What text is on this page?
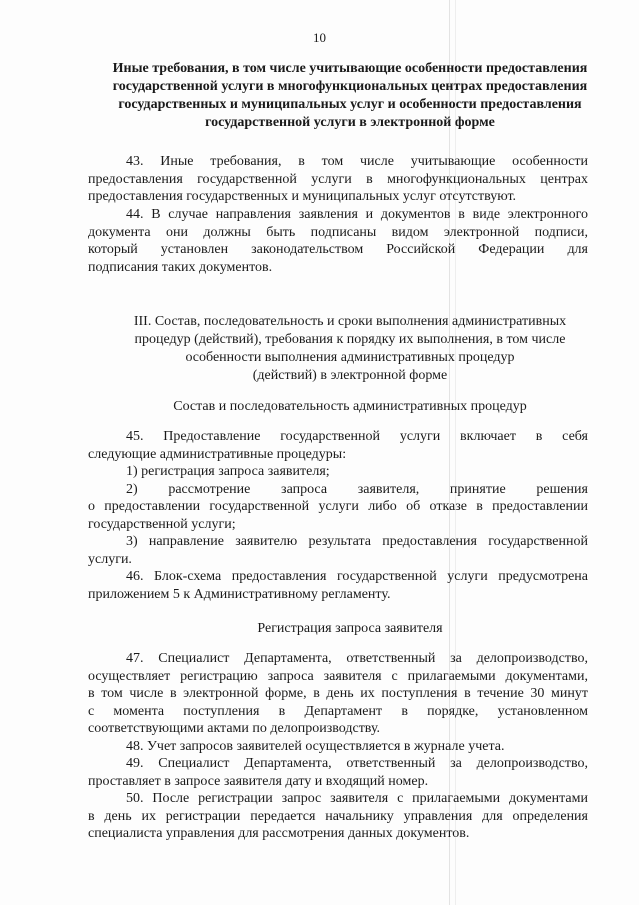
10
Иные требования, в том числе учитывающие особенности предоставления
государственной услуги в многофункциональных центрах предоставления
государственных и муниципальных услуг и особенности предоставления
государственной услуги в электронной форме
43. Иные требования, в том числе учитывающие особенности
предоставления государственной услуги в многофункциональных центрах
предоставления государственных и муниципальных услуг отсутствуют.
44. В случае направления заявления и документов в виде электронного
документа они должны быть подписаны видом электронной подписи,
который установлен законодательством Российской Федерации для
подписания таких документов.
III. Состав, последовательность и сроки выполнения административных
процедур (действий), требования к порядку их выполнения, в том числе
особенности выполнения административных процедур
(действий) в электронной форме
Состав и последовательность административных процедур
45. Предоставление государственной услуги включает в себя
следующие административные процедуры:
1) регистрация запроса заявителя;
2) рассмотрение запроса заявителя, принятие решения
о предоставлении государственной услуги либо об отказе в предоставлении
государственной услуги;
3) направление заявителю результата предоставления государственной
услуги.
46. Блок-схема предоставления государственной услуги предусмотрена
приложением 5 к Административному регламенту.
Регистрация запроса заявителя
47. Специалист Департамента, ответственный за делопроизводство,
осуществляет регистрацию запроса заявителя с прилагаемыми документами,
в том числе в электронной форме, в день их поступления в течение 30 минут
с момента поступления в Департамент в порядке, установленном
соответствующими актами по делопроизводству.
48. Учет запросов заявителей осуществляется в журнале учета.
49. Специалист Департамента, ответственный за делопроизводство,
проставляет в запросе заявителя дату и входящий номер.
50. После регистрации запрос заявителя с прилагаемыми документами
в день их регистрации передается начальнику управления для определения
специалиста управления для рассмотрения данных документов.
